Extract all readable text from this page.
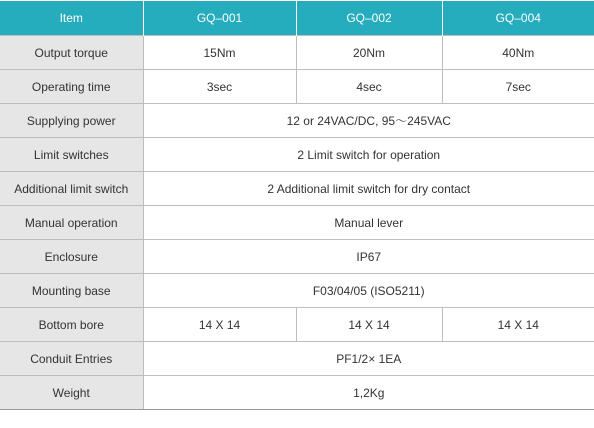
Item	GQ–001	GQ–002	GQ–004
Output torque	15Nm	20Nm	40Nm
Operating time	3sec	4sec	7sec
Supplying power	12 or 24VAC/DC, 95～245VAC		
Limit switches	2 Limit switch for operation		
Additional limit switch	2 Additional limit switch for dry contact		
Manual operation	Manual lever		
Enclosure	IP67		
Mounting base	F03/04/05 (ISO5211)		
Bottom bore	14 X 14	14 X 14	14 X 14
Conduit Entries	PF1/2× 1EA		
Weight	1,2Kg		
